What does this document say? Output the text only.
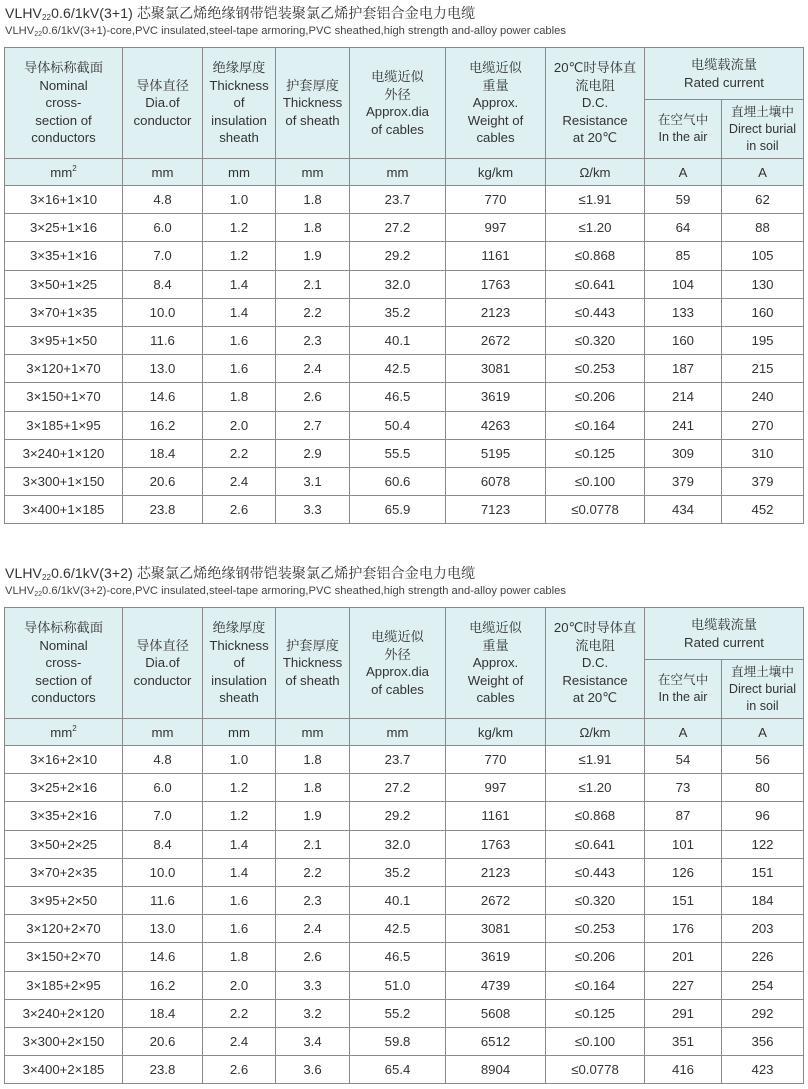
$VLHV_{22}0.6/1kV(3+1)$ 芯聚氯乙烯绝缘钢带铠装聚氯乙烯护套铝合金电力电缆
$VLHV_{22}0.6/1kV(3+1)-core,PVC$ insulated,steel-tape armoring,PVC sheathed,high strength and-alloy power cables
导体标称截面
Nominal
cross-
section of
conductors	导体直径
Dia.of
conductor	绝缘厚度
Thickness
of insulation
sheath	护套厚度
Thickness
of sheath	电缆近似
外径
Approx.dia
of cables	电缆近似
重量
Approx.
Weight of
cables	20℃时导体直
流电阻
D.C.
Resistance
at 20℃	电缆载流量
Rated current	
							在空气中
In the air	直埋土壤中
Direct burial
in soil
$mm^2$	mm	mm	mm	mm	kg/km	Ω/km	A	A
3×16+1×10	4.8	1.0	1.8	23.7	770	≤1.91	59	62
3×25+1×16	6.0	1.2	1.8	27.2	997	≤1.20	64	88
3×35+1×16	7.0	1.2	1.9	29.2	1161	≤0.868	85	105
3×50+1×25	8.4	1.4	2.1	32.0	1763	≤0.641	104	130
3×70+1×35	10.0	1.4	2.2	35.2	2123	≤0.443	133	160
3×95+1×50	11.6	1.6	2.3	40.1	2672	≤0.320	160	195
3×120+1×70	13.0	1.6	2.4	42.5	3081	≤0.253	187	215
3×150+1×70	14.6	1.8	2.6	46.5	3619	≤0.206	214	240
3×185+1×95	16.2	2.0	2.7	50.4	4263	≤0.164	241	270
3×240+1×120	18.4	2.2	2.9	55.5	5195	≤0.125	309	310
3×300+1×150	20.6	2.4	3.1	60.6	6078	≤0.100	379	379
3×400+1×185	23.8	2.6	3.3	65.9	7123	≤0.0778	434	452
$VLHV_{22}0.6/1kV(3+2)$ 芯聚氯乙烯绝缘钢带铠装聚氯乙烯护套铝合金电力电缆
$VLHV_{22}0.6/1kV(3+2)-core,PVC$ insulated,steel-tape armoring,PVC sheathed,high strength and-alloy power cables
导体标称截面
Nominal
cross-
section of
conductors	导体直径
Dia.of
conductor	绝缘厚度
Thickness
of insulation
sheath	护套厚度
Thickness
of sheath	电缆近似
外径
Approx.dia
of cables	电缆近似
重量
Approx.
Weight of
cables	20℃时导体直
流电阻
D.C.
Resistance
at 20℃	电缆载流量
Rated current	
							在空气中
In the air	直埋土壤中
Direct burial
in soil
$mm^2$	mm	mm	mm	mm	kg/km	Ω/km	A	A
3×16+2×10	4.8	1.0	1.8	23.7	770	≤1.91	54	56
3×25+2×16	6.0	1.2	1.8	27.2	997	≤1.20	73	80
3×35+2×16	7.0	1.2	1.9	29.2	1161	≤0.868	87	96
3×50+2×25	8.4	1.4	2.1	32.0	1763	≤0.641	101	122
3×70+2×35	10.0	1.4	2.2	35.2	2123	≤0.443	126	151
3×95+2×50	11.6	1.6	2.3	40.1	2672	≤0.320	151	184
3×120+2×70	13.0	1.6	2.4	42.5	3081	≤0.253	176	203
3×150+2×70	14.6	1.8	2.6	46.5	3619	≤0.206	201	226
3×185+2×95	16.2	2.0	3.3	51.0	4739	≤0.164	227	254
3×240+2×120	18.4	2.2	3.2	55.2	5608	≤0.125	291	292
3×300+2×150	20.6	2.4	3.4	59.8	6512	≤0.100	351	356
3×400+2×185	23.8	2.6	3.6	65.4	8904	≤0.0778	416	423
